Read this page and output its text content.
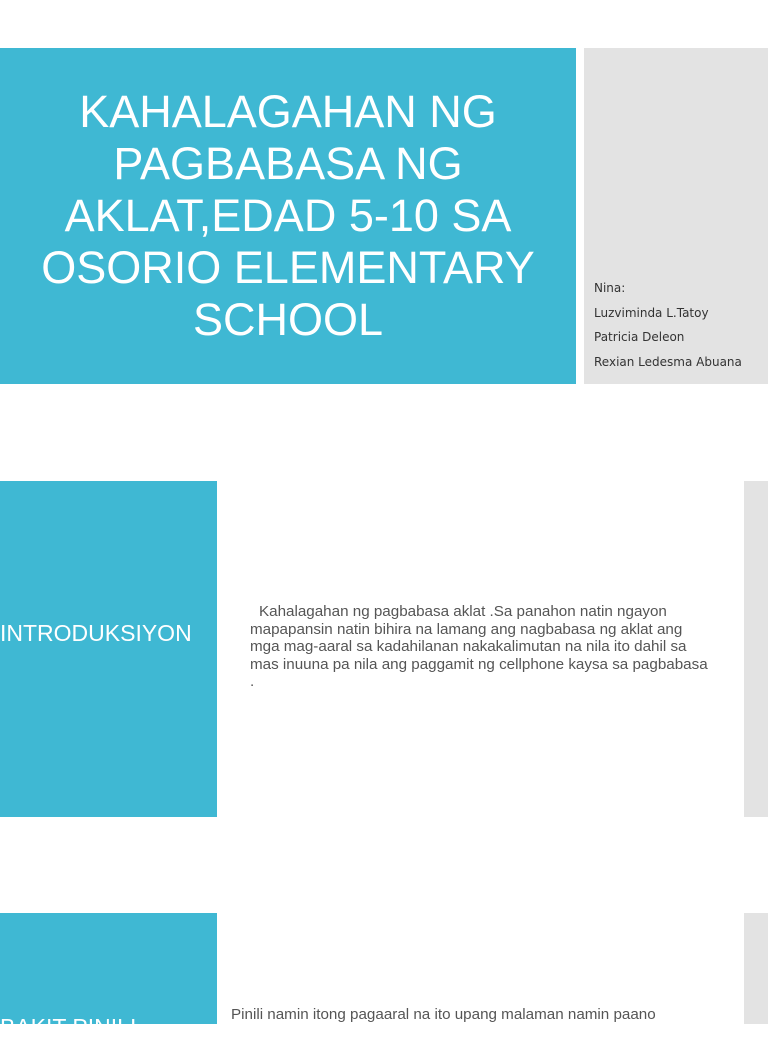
KAHALAGAHAN NG
PAGBABASA NG
AKLAT,EDAD 5-10 SA
OSORIO ELEMENTARY
SCHOOL
Nina:
Luzviminda L.Tatoy
Patricia Deleon
Rexian Ledesma Abuana
INTRODUKSIYON
Kahalagahan ng pagbabasa aklat .Sa panahon natin ngayon mapapansin natin bihira na lamang ang nagbabasa ng aklat ang mga mag-aaral sa kadahilanan nakakalimutan na nila ito dahil sa mas inuuna pa nila ang paggamit ng cellphone kaysa sa pagbabasa .
BAKIT PINILI	Pinili namin itong pagaaral na ito upang malaman namin paano
